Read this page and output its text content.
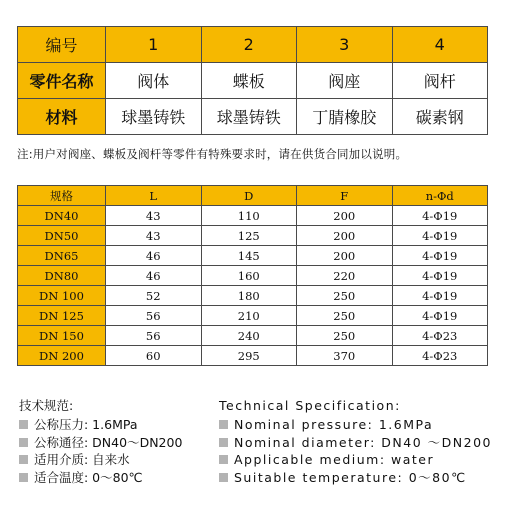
编号	1	2	3	4
零件名称	阀体	蝶板	阀座	阀杆
材料	球墨铸铁	球墨铸铁	丁腈橡胶	碳素钢
注:用户对阀座、蝶板及阀杆等零件有特殊要求时，请在供货合同加以说明。
规格	L	D	F	n-Φd
DN40	43	110	200	4-Φ19
DN50	43	125	200	4-Φ19
DN65	46	145	200	4-Φ19
DN80	46	160	220	4-Φ19
DN 100	52	180	250	4-Φ19
DN 125	56	210	250	4-Φ19
DN 150	56	240	250	4-Φ23
DN 200	60	295	370	4-Φ23
技术规范:
公称压力: 1.6MPa
公称通径: DN40～DN200
适用介质: 自来水
适合温度: 0～80℃
Technical Specification:
Nominal pressure: 1.6MPa
Nominal diameter: DN40 ～DN200
Applicable medium: water
Suitable temperature: 0～80℃
